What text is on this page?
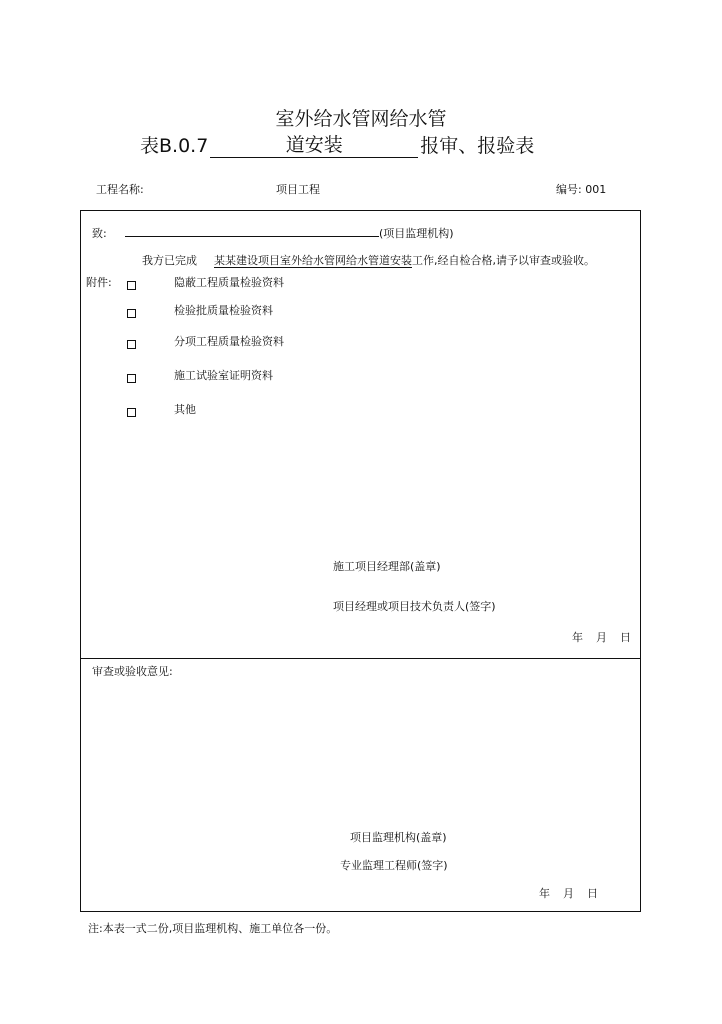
室外给水管网给水管
表B.0.7	道安装	报审、报验表
工程名称:	项目工程	编号: 001
致:	(项目监理机构)
我方已完成 某某建设项目室外给水管网给水管道安装工作,经自检合格,请予以审查或验收。
附件:	隐蔽工程质量检验资料
检验批质量检验资料
分项工程质量检验资料
施工试验室证明资料
其他
施工项目经理部(盖章)
项目经理或项目技术负责人(签字)
年 月 日
审查或验收意见:
项目监理机构(盖章)
专业监理工程师(签字)
年 月 日
注:本表一式二份,项目监理机构、施工单位各一份。
